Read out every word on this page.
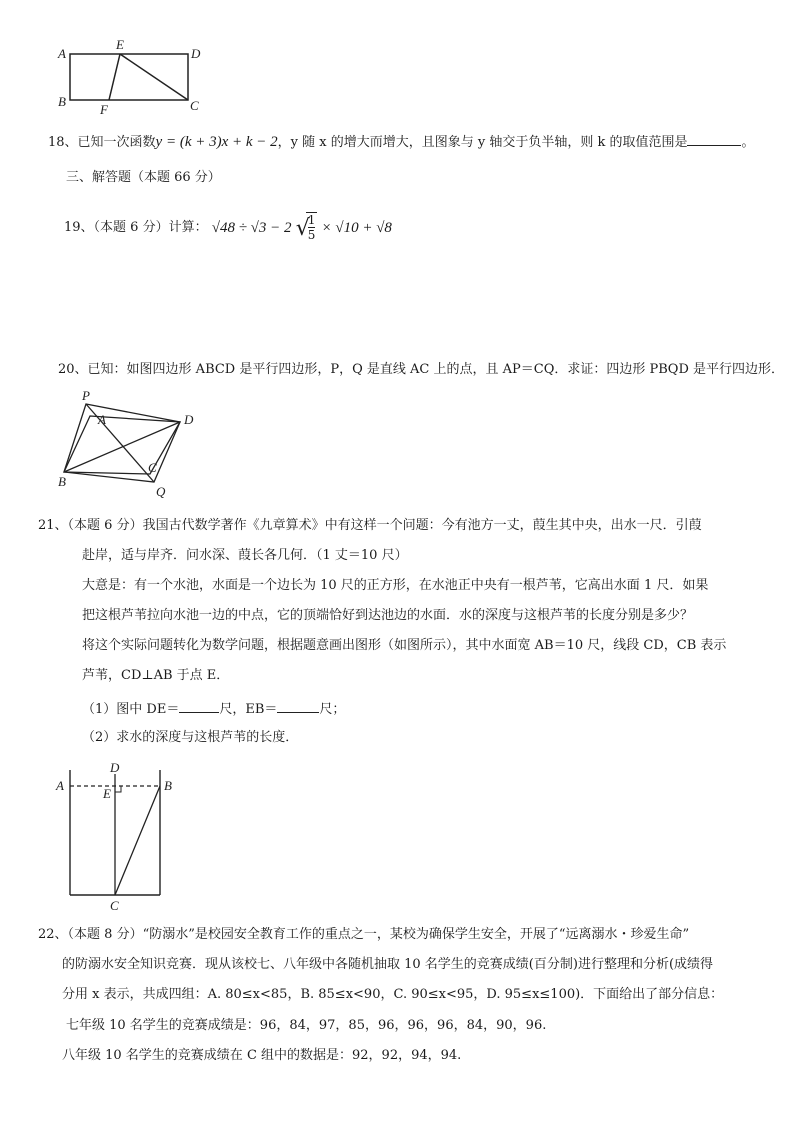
A
E
D
B
F	C
18、已知一次函数y = (k + 3)x + k − 2，y 随 x 的增大而增大，且图象与 y 轴交于负半轴，则 k 的取值范围是	。
三、解答题（本题 66 分）
19、（本题 6 分）计算： √48 ÷ √3 − 2 √
$\frac{1}{5} \times √10 + √8$
20、已知：如图四边形 ABCD 是平行四边形，P，Q 是直线 AC 上的点，且 AP＝CQ．求证：四边形 PBQD 是平行四边形．
P
A	D
B
C
Q
21、（本题 6 分）我国古代数学著作《九章算术》中有这样一个问题：今有池方一丈，葭生其中央，出水一尺．引葭
赴岸，适与岸齐．问水深、葭长各几何．（1 丈＝10 尺）
大意是：有一个水池，水面是一个边长为 10 尺的正方形，在水池正中央有一根芦苇，它高出水面 1 尺．如果
把这根芦苇拉向水池一边的中点，它的顶端恰好到达池边的水面．水的深度与这根芦苇的长度分别是多少？
将这个实际问题转化为数学问题，根据题意画出图形（如图所示），其中水面宽 AB＝10 尺，线段 CD，CB 表示
芦苇，CD⊥AB 于点 E．
（1）图中 DE＝	尺，EB＝	尺；
（2）求水的深度与这根芦苇的长度．
A
D
E
B
C
22、（本题 8 分）“防溺水”是校园安全教育工作的重点之一，某校为确保学生安全，开展了“远离溺水・珍爱生命”
的防溺水安全知识竞赛．现从该校七、八年级中各随机抽取 10 名学生的竞赛成绩(百分制)进行整理和分析(成绩得
分用 x 表示，共成四组：A. 80≤x<85，B. 85≤x<90，C. 90≤x<95，D. 95≤x≤100)．下面给出了部分信息：
七年级 10 名学生的竞赛成绩是：96，84，97，85，96，96，96，84，90，96.
八年级 10 名学生的竞赛成绩在 C 组中的数据是：92，92，94，94.
